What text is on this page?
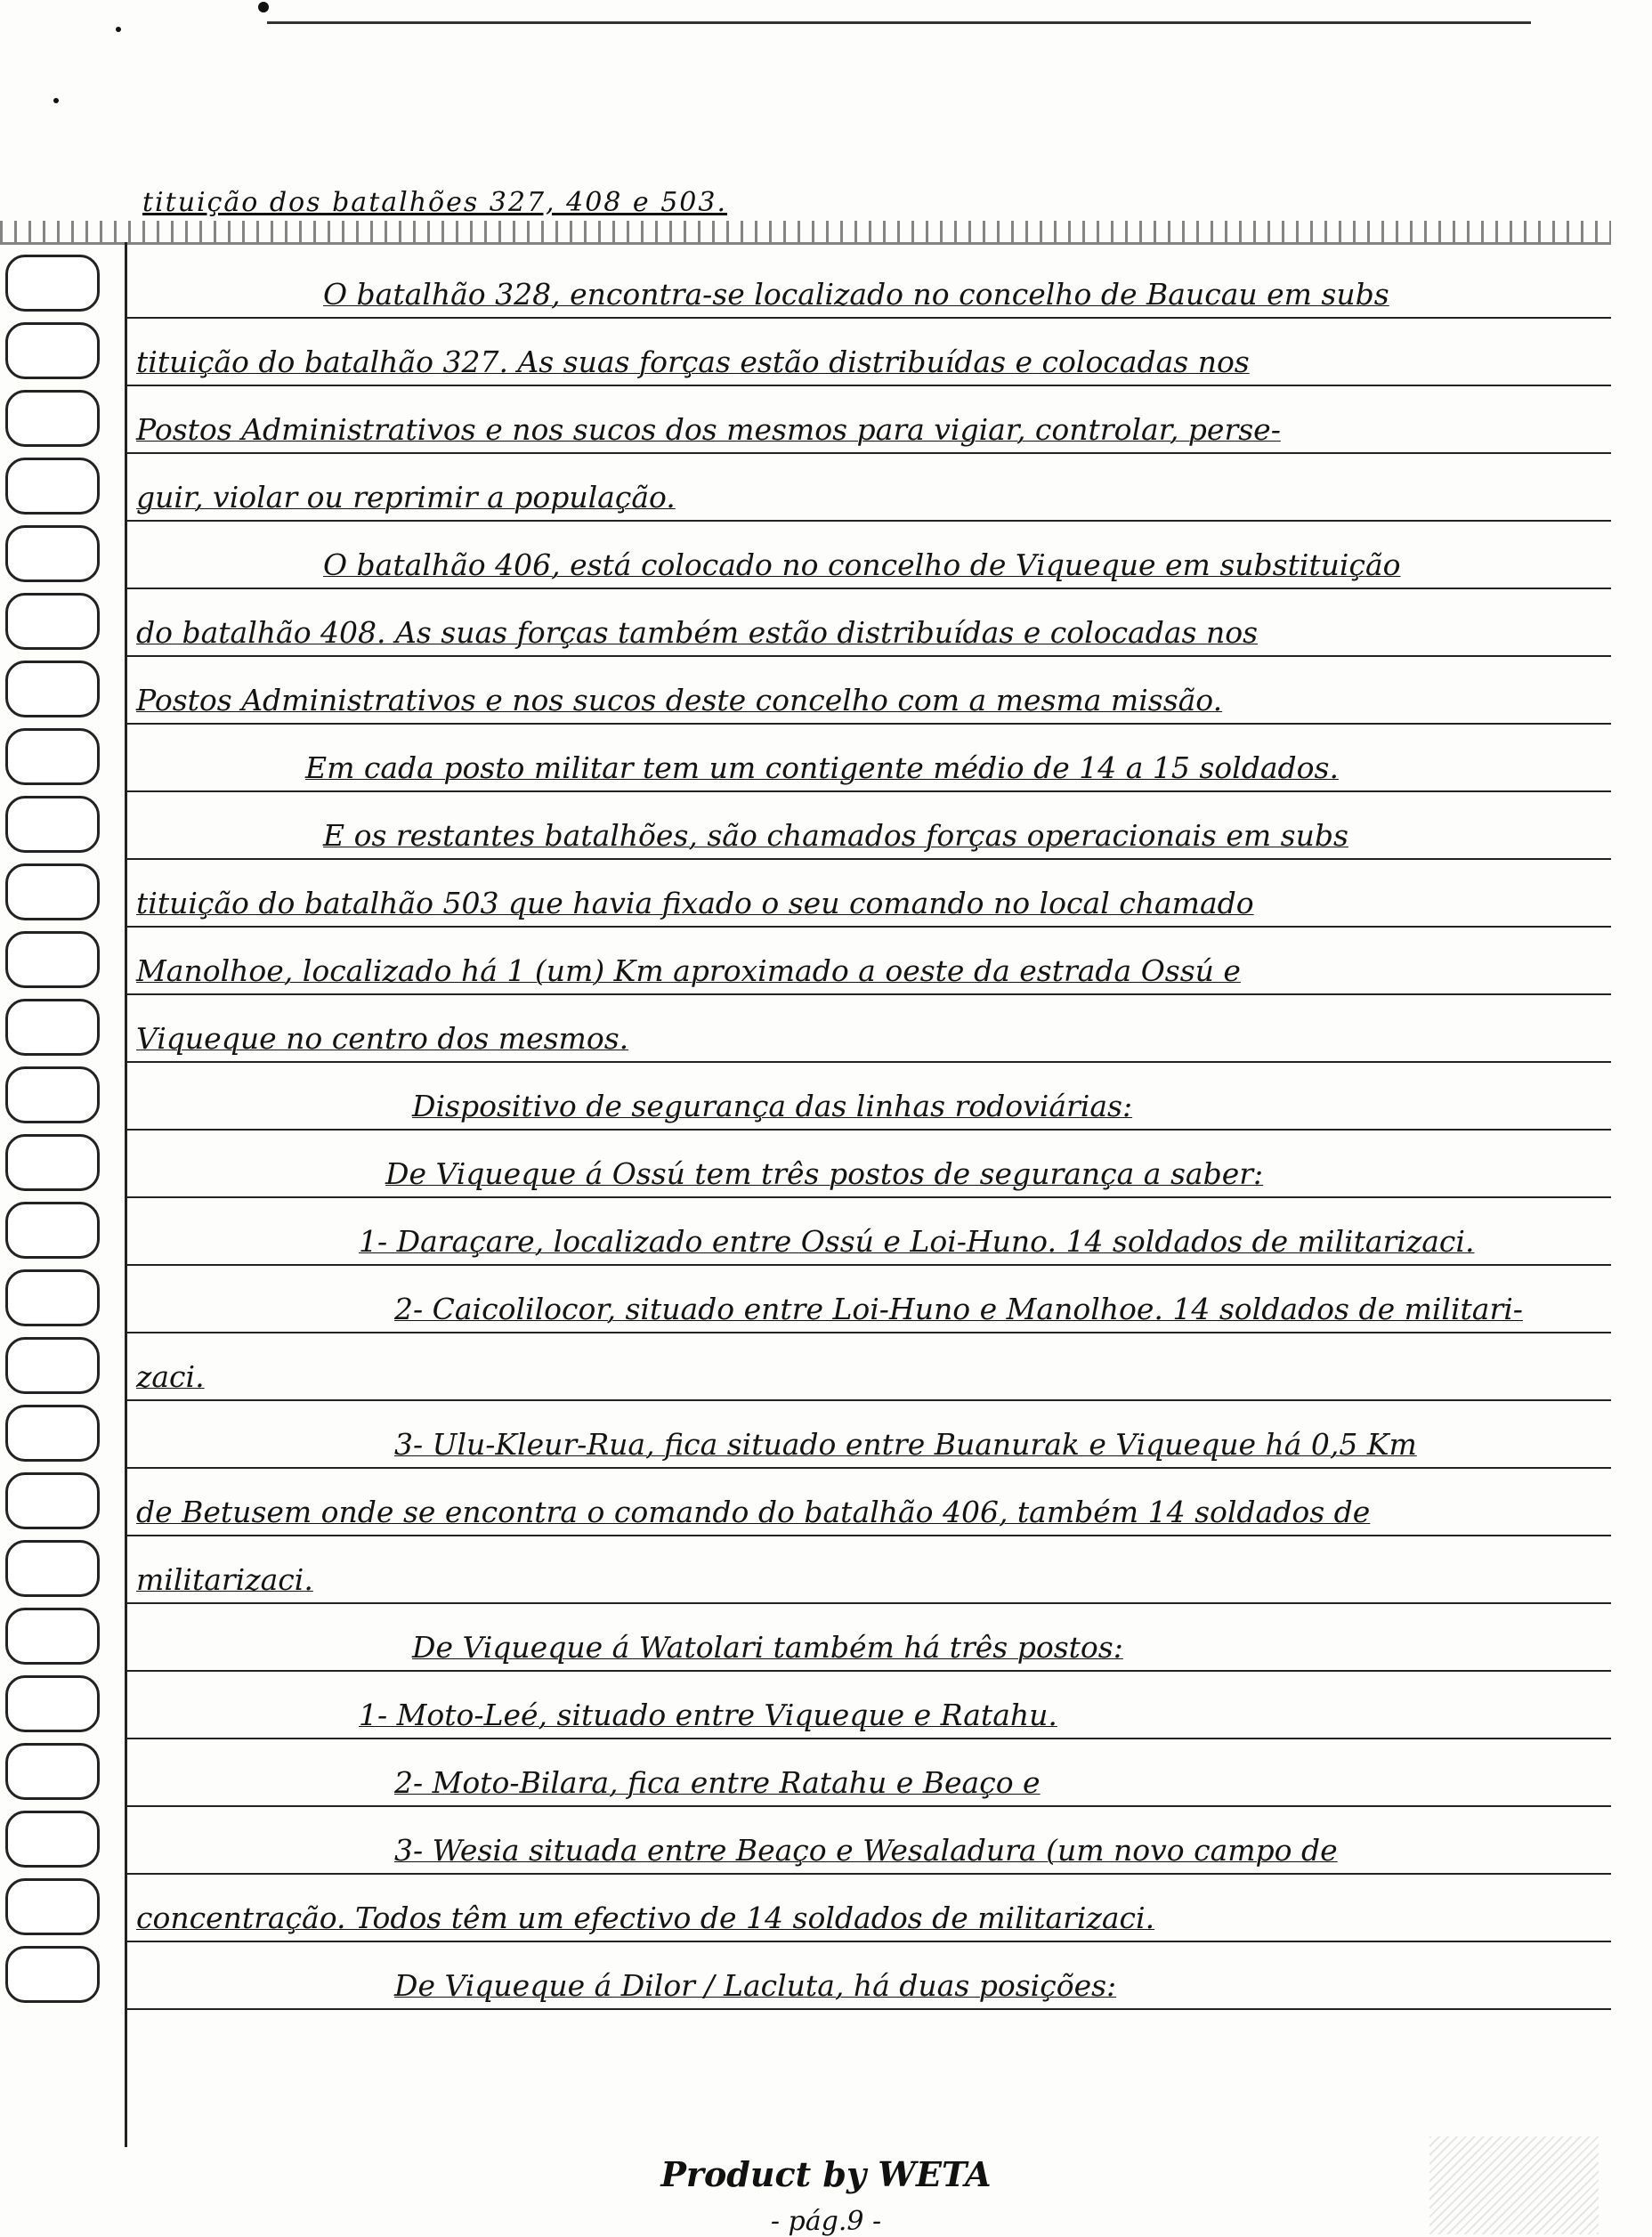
tituição dos batalhões 327, 408 e 503.
O batalhão 328, encontra-se localizado no concelho de Baucau em subs
tituição do batalhão 327. As suas forças estão distribuídas e colocadas nos
Postos Administrativos e nos sucos dos mesmos para vigiar, controlar, perse-
guir, violar ou reprimir a população.
O batalhão 406, está colocado no concelho de Viqueque em substituição
do batalhão 408. As suas forças também estão distribuídas e colocadas nos
Postos Administrativos e nos sucos deste concelho com a mesma missão.
Em cada posto militar tem um contigente médio de 14 a 15 soldados.
E os restantes batalhões, são chamados forças operacionais em subs
tituição do batalhão 503 que havia fixado o seu comando no local chamado
Manolhoe, localizado há 1 (um) Km aproximado a oeste da estrada Ossú e
Viqueque no centro dos mesmos.
Dispositivo de segurança das linhas rodoviárias:
De Viqueque á Ossú tem três postos de segurança a saber:
1- Daraçare, localizado entre Ossú e Loi-Huno. 14 soldados de militarizaci.
2- Caicolilocor, situado entre Loi-Huno e Manolhoe. 14 soldados de militari-
zaci.
3- Ulu-Kleur-Rua, fica situado entre Buanurak e Viqueque há 0,5 Km
de Betusem onde se encontra o comando do batalhão 406, também 14 soldados de
militarizaci.
De Viqueque á Watolari também há três postos:
1- Moto-Leé, situado entre Viqueque e Ratahu.
2- Moto-Bilara, fica entre Ratahu e Beaço e
3- Wesia situada entre Beaço e Wesaladura (um novo campo de
concentração. Todos têm um efectivo de 14 soldados de militarizaci.
De Viqueque á Dilor / Lacluta, há duas posições:
Product by WETA
- pág.9 -
